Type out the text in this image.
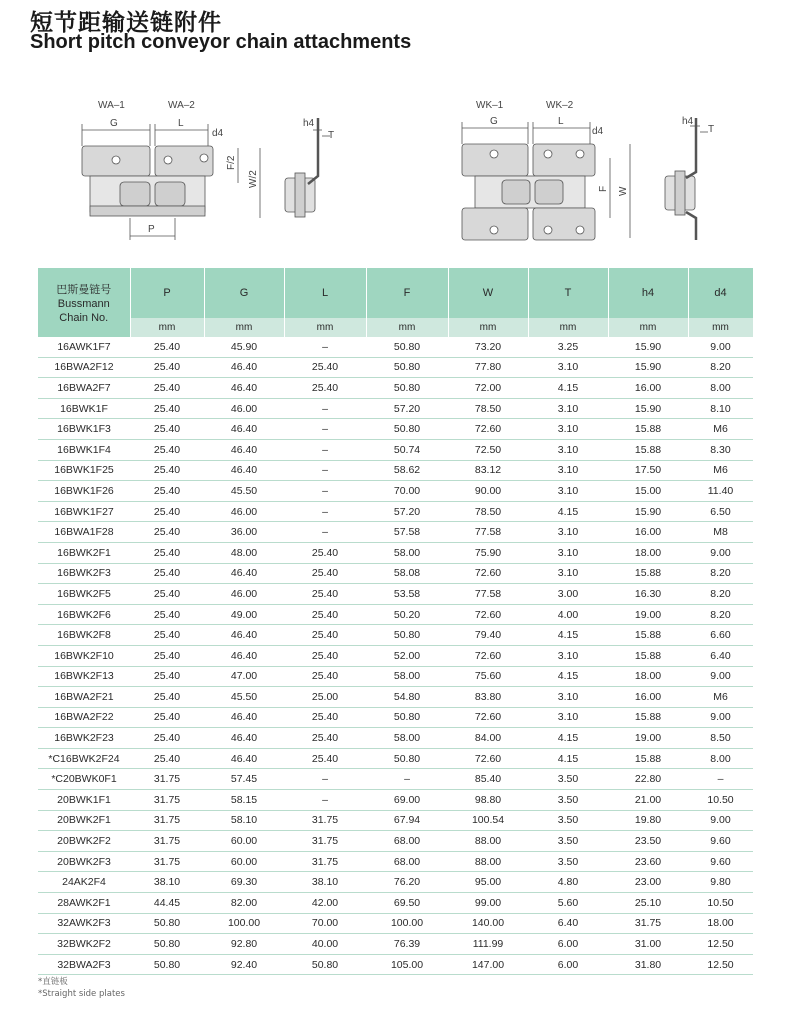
短节距输送链附件
Short pitch conveyor chain attachments
WA–1	WA–2
G	L
d4
h4
T
F/2
W/2
P
WK–1	WK–2
G	L
d4
h4
T
F W
巴斯曼链号
Bussmann
Chain No.	P	G	L	F	W	T	h4	d4
	mm	mm	mm	mm	mm	mm	mm	mm
16AWK1F7	25.40	45.90	–	50.80	73.20	3.25	15.90	9.00
16BWA2F12	25.40	46.40	25.40	50.80	77.80	3.10	15.90	8.20
16BWA2F7	25.40	46.40	25.40	50.80	72.00	4.15	16.00	8.00
16BWK1F	25.40	46.00	–	57.20	78.50	3.10	15.90	8.10
16BWK1F3	25.40	46.40	–	50.80	72.60	3.10	15.88	M6
16BWK1F4	25.40	46.40	–	50.74	72.50	3.10	15.88	8.30
16BWK1F25	25.40	46.40	–	58.62	83.12	3.10	17.50	M6
16BWK1F26	25.40	45.50	–	70.00	90.00	3.10	15.00	11.40
16BWK1F27	25.40	46.00	–	57.20	78.50	4.15	15.90	6.50
16BWA1F28	25.40	36.00	–	57.58	77.58	3.10	16.00	M8
16BWK2F1	25.40	48.00	25.40	58.00	75.90	3.10	18.00	9.00
16BWK2F3	25.40	46.40	25.40	58.08	72.60	3.10	15.88	8.20
16BWK2F5	25.40	46.00	25.40	53.58	77.58	3.00	16.30	8.20
16BWK2F6	25.40	49.00	25.40	50.20	72.60	4.00	19.00	8.20
16BWK2F8	25.40	46.40	25.40	50.80	79.40	4.15	15.88	6.60
16BWK2F10	25.40	46.40	25.40	52.00	72.60	3.10	15.88	6.40
16BWK2F13	25.40	47.00	25.40	58.00	75.60	4.15	18.00	9.00
16BWA2F21	25.40	45.50	25.00	54.80	83.80	3.10	16.00	M6
16BWA2F22	25.40	46.40	25.40	50.80	72.60	3.10	15.88	9.00
16BWK2F23	25.40	46.40	25.40	58.00	84.00	4.15	19.00	8.50
*C16BWK2F24	25.40	46.40	25.40	50.80	72.60	4.15	15.88	8.00
*C20BWK0F1	31.75	57.45	–	–	85.40	3.50	22.80	–
20BWK1F1	31.75	58.15	–	69.00	98.80	3.50	21.00	10.50
20BWK2F1	31.75	58.10	31.75	67.94	100.54	3.50	19.80	9.00
20BWK2F2	31.75	60.00	31.75	68.00	88.00	3.50	23.50	9.60
20BWK2F3	31.75	60.00	31.75	68.00	88.00	3.50	23.60	9.60
24AK2F4	38.10	69.30	38.10	76.20	95.00	4.80	23.00	9.80
28AWK2F1	44.45	82.00	42.00	69.50	99.00	5.60	25.10	10.50
32AWK2F3	50.80	100.00	70.00	100.00	140.00	6.40	31.75	18.00
32BWK2F2	50.80	92.80	40.00	76.39	111.99	6.00	31.00	12.50
32BWA2F3	50.80	92.40	50.80	105.00	147.00	6.00	31.80	12.50
*直链板
*Straight side plates
